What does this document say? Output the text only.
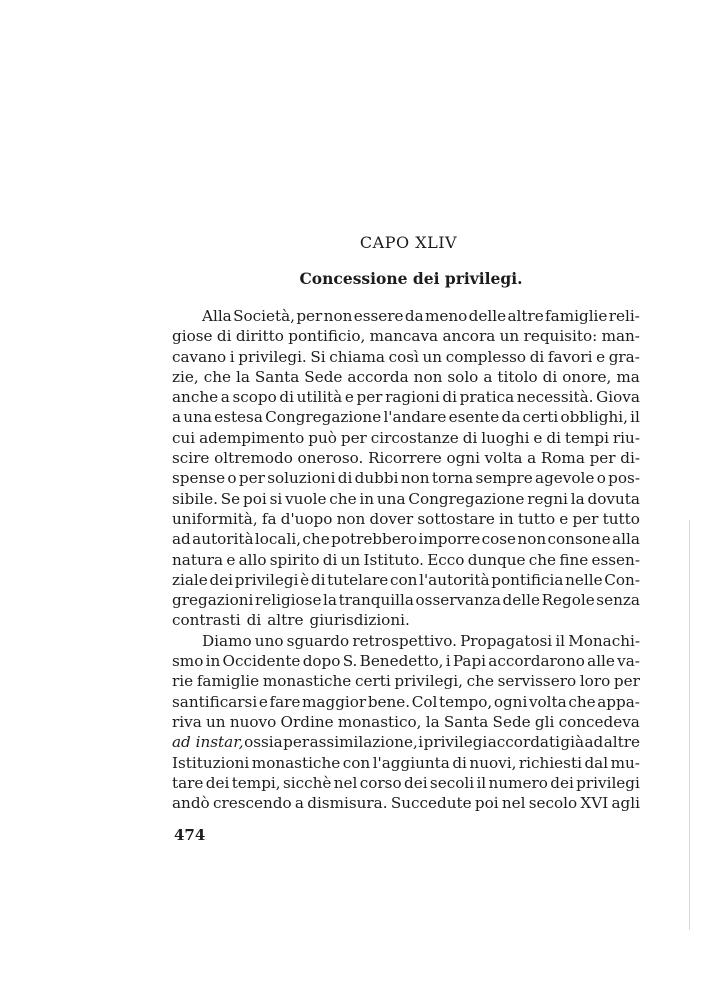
CAPO XLIV
Concessione dei privilegi.
Alla Società, per non essere da meno delle altre famiglie reli-
giose di diritto pontificio, mancava ancora un requisito: man-
cavano i privilegi. Si chiama così un complesso di favori e gra-
zie, che la Santa Sede accorda non solo a titolo di onore, ma
anche a scopo di utilità e per ragioni di pratica necessità. Giova
a una estesa Congregazione l'andare esente da certi obblighi, il
cui adempimento può per circostanze di luoghi e di tempi riu-
scire oltremodo oneroso. Ricorrere ogni volta a Roma per di-
spense o per soluzioni di dubbi non torna sempre agevole o pos-
sibile. Se poi si vuole che in una Congregazione regni la dovuta
uniformità, fa d'uopo non dover sottostare in tutto e per tutto
ad autorità locali, che potrebbero imporre cose non consone alla
natura e allo spirito di un Istituto. Ecco dunque che fine essen-
ziale dei privilegi è di tutelare con l'autorità pontificia nelle Con-
gregazioni religiose la tranquilla osservanza delle Regole senza
contrasti di altre giurisdizioni.
Diamo uno sguardo retrospettivo. Propagatosi il Monachi-
smo in Occidente dopo S. Benedetto, i Papi accordarono alle va-
rie famiglie monastiche certi privilegi, che servissero loro per
santificarsi e fare maggior bene. Col tempo, ogni volta che appa-
riva un nuovo Ordine monastico, la Santa Sede gli concedeva
ad instar, ossia per assimilazione, i privilegi accordati già ad altre
Istituzioni monastiche con l'aggiunta di nuovi, richiesti dal mu-
tare dei tempi, sicchè nel corso dei secoli il numero dei privilegi
andò crescendo a dismisura. Succedute poi nel secolo XVI agli
474
